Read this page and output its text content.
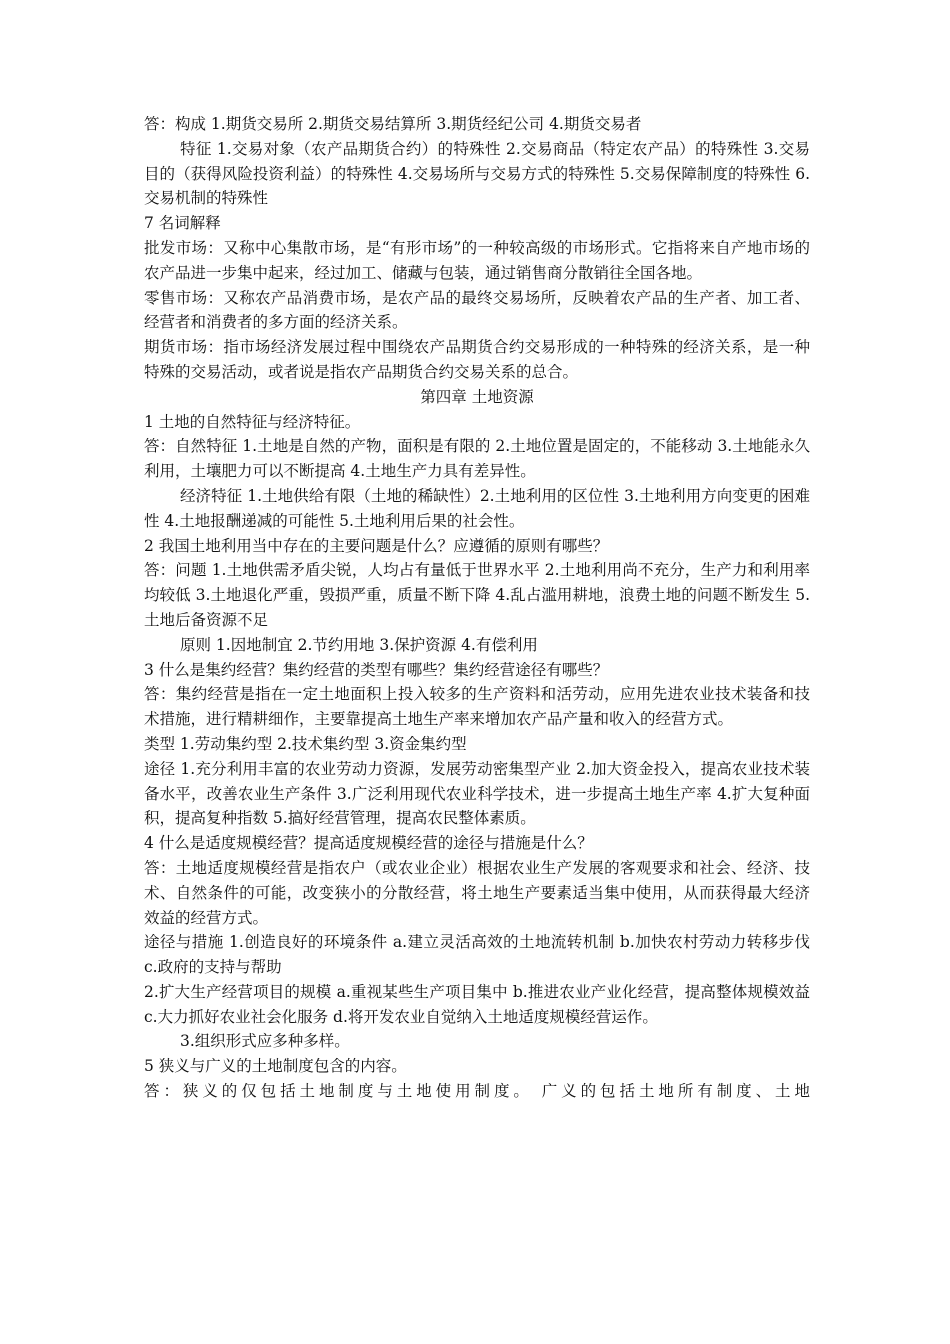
答：构成 1.期货交易所 2.期货交易结算所 3.期货经纪公司 4.期货交易者

特征 1.交易对象（农产品期货合约）的特殊性 2.交易商品（特定农产品）的特殊性 3.交易目的（获得风险投资利益）的特殊性 4.交易场所与交易方式的特殊性 5.交易保障制度的特殊性 6.交易机制的特殊性

7 名词解释

批发市场：又称中心集散市场，是“有形市场”的一种较高级的市场形式。它指将来自产地市场的农产品进一步集中起来，经过加工、储藏与包装，通过销售商分散销往全国各地。

零售市场：又称农产品消费市场，是农产品的最终交易场所，反映着农产品的生产者、加工者、经营者和消费者的多方面的经济关系。

期货市场：指市场经济发展过程中围绕农产品期货合约交易形成的一种特殊的经济关系，是一种特殊的交易活动，或者说是指农产品期货合约交易关系的总合。

第四章 土地资源

1 土地的自然特征与经济特征。

答：自然特征 1.土地是自然的产物，面积是有限的 2.土地位置是固定的，不能移动 3.土地能永久利用，土壤肥力可以不断提高 4.土地生产力具有差异性。

经济特征 1.土地供给有限（土地的稀缺性）2.土地利用的区位性 3.土地利用方向变更的困难性 4.土地报酬递减的可能性 5.土地利用后果的社会性。

2 我国土地利用当中存在的主要问题是什么？应遵循的原则有哪些？

答：问题 1.土地供需矛盾尖锐，人均占有量低于世界水平 2.土地利用尚不充分，生产力和利用率均较低 3.土地退化严重，毁损严重，质量不断下降 4.乱占滥用耕地，浪费土地的问题不断发生 5.土地后备资源不足

原则 1.因地制宜 2.节约用地 3.保护资源 4.有偿利用

3 什么是集约经营？集约经营的类型有哪些？集约经营途径有哪些？

答：集约经营是指在一定土地面积上投入较多的生产资料和活劳动，应用先进农业技术装备和技术措施，进行精耕细作，主要靠提高土地生产率来增加农产品产量和收入的经营方式。

类型 1.劳动集约型 2.技术集约型 3.资金集约型

途径 1.充分利用丰富的农业劳动力资源，发展劳动密集型产业 2.加大资金投入，提高农业技术装备水平，改善农业生产条件 3.广泛利用现代农业科学技术，进一步提高土地生产率 4.扩大复种面积，提高复种指数 5.搞好经营管理，提高农民整体素质。

4 什么是适度规模经营？提高适度规模经营的途径与措施是什么？

答：土地适度规模经营是指农户（或农业企业）根据农业生产发展的客观要求和社会、经济、技术、自然条件的可能，改变狭小的分散经营，将土地生产要素适当集中使用，从而获得最大经济效益的经营方式。

途径与措施 1.创造良好的环境条件 a.建立灵活高效的土地流转机制 b.加快农村劳动力转移步伐 c.政府的支持与帮助

2.扩大生产经营项目的规模 a.重视某些生产项目集中 b.推进农业产业化经营，提高整体规模效益 c.大力抓好农业社会化服务 d.将开发农业自觉纳入土地适度规模经营运作。

3.组织形式应多种多样。

5 狭义与广义的土地制度包含的内容。

答：狭义的仅包括土地制度与土地使用制度。 广义的包括土地所有制度、土地
